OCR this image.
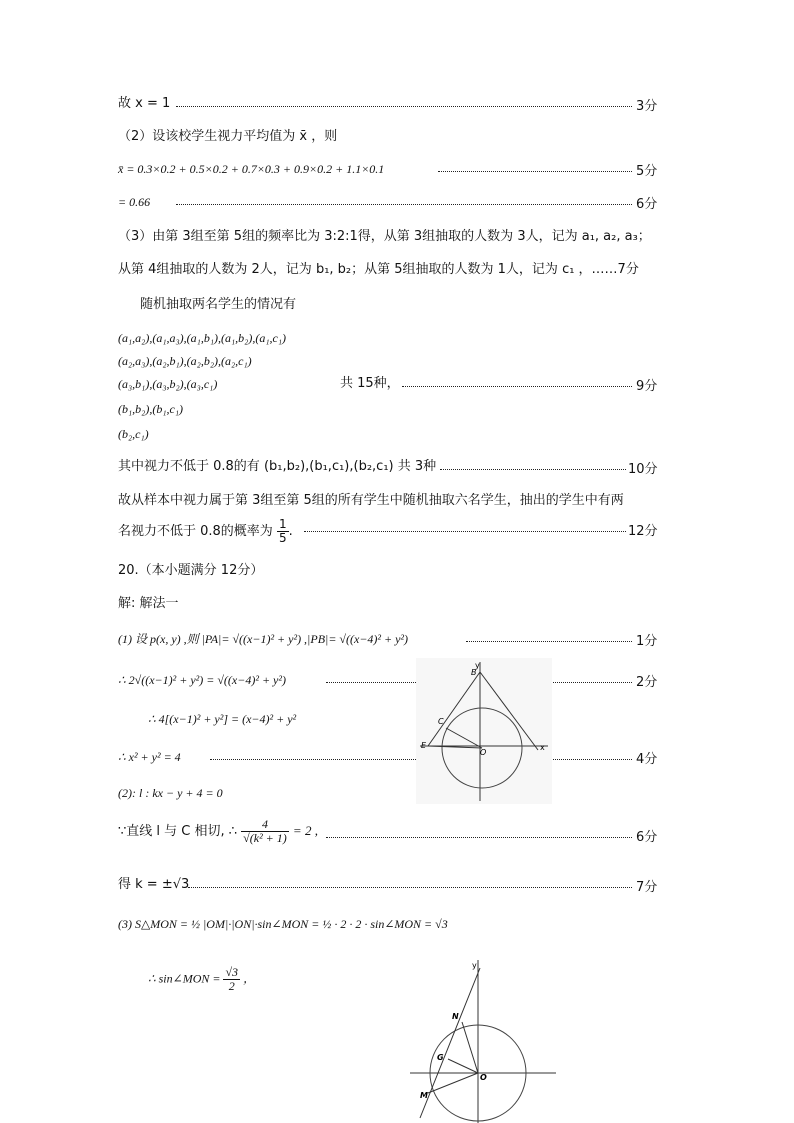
故 x = 1	3分
（2）设该校学生视力平均值为 x̄ ，则
x̄ = 0.3×0.2 + 0.5×0.2 + 0.7×0.3 + 0.9×0.2 + 1.1×0.1	5分
= 0.66	6分
（3）由第 3组至第 5组的频率比为 3:2:1得，从第 3组抽取的人数为 3人，记为 a₁, a₂, a₃；
从第 4组抽取的人数为 2人，记为 b₁, b₂；从第 5组抽取的人数为 1人，记为 c₁ ，……7分
随机抽取两名学生的情况有
(a₁,a₂),(a₁,a₃),(a₁,b₁),(a₁,b₂),(a₁,c₁)
(a₂,a₃),(a₂,b₁),(a₂,b₂),(a₂,c₁)
(a₃,b₁),(a₃,b₂),(a₃,c₁)	共 15种，	9分
(b₁,b₂),(b₁,c₁)
(b₂,c₁)
其中视力不低于 0.8的有 (b₁,b₂),(b₁,c₁),(b₂,c₁) 共 3种	10分
故从样本中视力属于第 3组至第 5组的所有学生中随机抽取六名学生，抽出的学生中有两
名视力不低于 0.8的概率为 $\frac{1}{5}$ .	12分
20.（本小题满分 12分）
解: 解法一
(1) 设 p(x, y) ,则 |PA|= √((x−1)² + y²) ,|PB|= √((x−4)² + y²)	1分
∴ 2√((x−1)² + y²) = √((x−4)² + y²)	2分
∴ 4[(x−1)² + y²] = (x−4)² + y²
∴ x² + y² = 4	4分
(2): l : kx − y + 4 = 0
∵直线 l 与 C 相切, ∴ $\frac{4}{\text{√(k² + 1)}} = 2$ ,	6分
得 k = ±√3	7分
(3) S△MON = ½ |OM|·|ON|·sin∠MON = ½ · 2 · 2 · sin∠MON = √3
∴ sin∠MON = $\frac{√3}{2}$ ，
y
B
C
E
O
x
y
N
G
M
O
